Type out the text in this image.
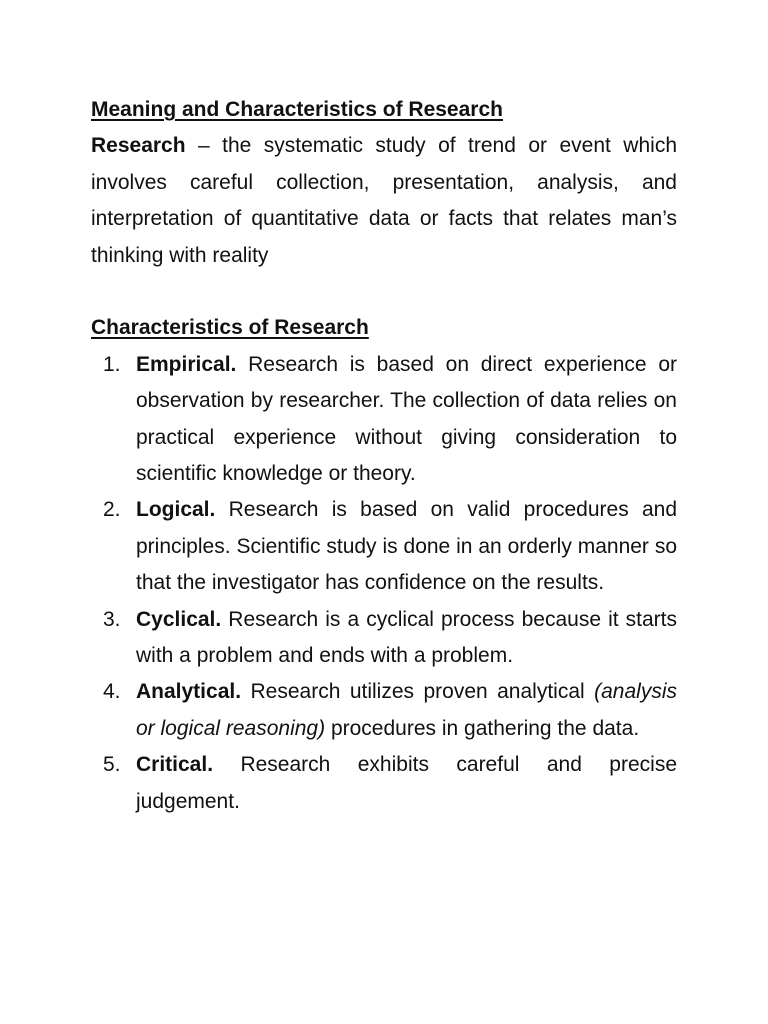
Meaning and Characteristics of Research
Research – the systematic study of trend or event which involves careful collection, presentation, analysis, and interpretation of quantitative data or facts that relates man’s thinking with reality
Characteristics of Research
1. Empirical. Research is based on direct experience or observation by researcher. The collection of data relies on practical experience without giving consideration to scientific knowledge or theory.
2. Logical. Research is based on valid procedures and principles. Scientific study is done in an orderly manner so that the investigator has confidence on the results.
3. Cyclical. Research is a cyclical process because it starts with a problem and ends with a problem.
4. Analytical. Research utilizes proven analytical (analysis or logical reasoning) procedures in gathering the data.
5. Critical. Research exhibits careful and precise judgement.
